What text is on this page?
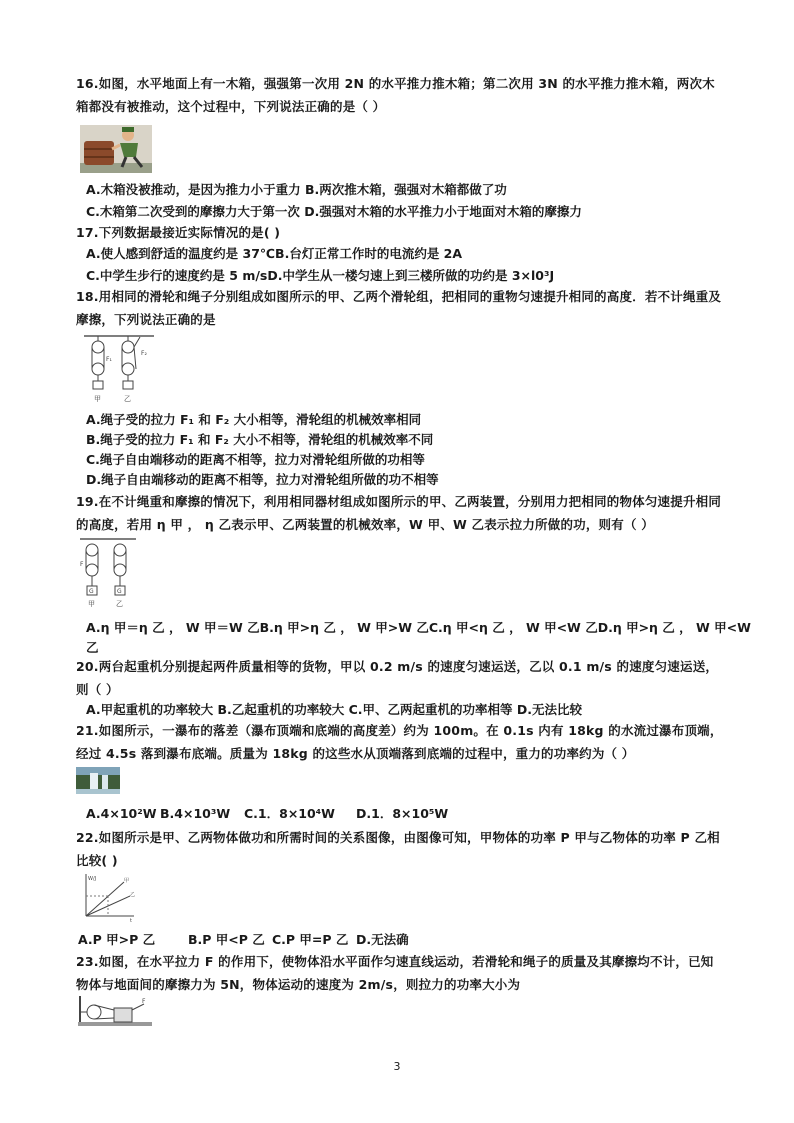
16.如图，水平地面上有一木箱，强强第一次用 2N 的水平推力推木箱；第二次用 3N 的水平推力推木箱，两次木箱都没有被推动，这个过程中，下列说法正确的是（ ）

A.木箱没被推动，是因为推力小于重力 B.两次推木箱，强强对木箱都做了功
C.木箱第二次受到的摩擦力大于第一次 D.强强对木箱的水平推力小于地面对木箱的摩擦力

17.下列数据最接近实际情况的是( )

A.使人感到舒适的温度约是 37℃B.台灯正常工作时的电流约是 2A
C.中学生步行的速度约是 5 m/sD.中学生从一楼匀速上到三楼所做的功约是 3×l0³J

18.用相同的滑轮和绳子分别组成如图所示的甲、乙两个滑轮组，把相同的重物匀速提升相同的高度．若不计绳重及摩擦，下列说法正确的是

F₁
F₂
甲	乙
A.绳子受的拉力 F₁ 和 F₂ 大小相等，滑轮组的机械效率相同
B.绳子受的拉力 F₁ 和 F₂ 大小不相等，滑轮组的机械效率不同
C.绳子自由端移动的距离不相等，拉力对滑轮组所做的功相等
D.绳子自由端移动的距离不相等，拉力对滑轮组所做的功不相等

19.在不计绳重和摩擦的情况下，利用相同器材组成如图所示的甲、乙两装置，分别用力把相同的物体匀速提升相同的高度，若用 η 甲 ， η 乙表示甲、乙两装置的机械效率，W 甲、W 乙表示拉力所做的功，则有（ ）

G
F
G
甲	乙
A.η 甲＝η 乙 ， W 甲＝W 乙B.η 甲>η 乙 ， W 甲>W 乙C.η 甲<η 乙 ， W 甲<W 乙D.η 甲>η 乙 ， W 甲<W
乙

20.两台起重机分别提起两件质量相等的货物，甲以 0.2 m/s 的速度匀速运送，乙以 0.1 m/s 的速度匀速运送，则（ ）

A.甲起重机的功率较大 B.乙起重机的功率较大 C.甲、乙两起重机的功率相等 D.无法比较

21.如图所示，一瀑布的落差（瀑布顶端和底端的高度差）约为 100m。在 0.1s 内有 18kg 的水流过瀑布顶端，经过 4.5s 落到瀑布底端。质量为 18kg 的这些水从顶端落到底端的过程中，重力的功率约为（ ）

A.4×10²W B.4×10³W C.1．8×10⁴W D.1．8×10⁵W

22.如图所示是甲、乙两物体做功和所需时间的关系图像，由图像可知，甲物体的功率 P 甲与乙物体的功率 P 乙相比较( )

W/J
t
甲
乙
A.P 甲>P 乙	B.P 甲<P 乙 C.P 甲=P 乙 D.无法确

23.如图，在水平拉力 F 的作用下，使物体沿水平面作匀速直线运动，若滑轮和绳子的质量及其摩擦均不计，已知物体与地面间的摩擦力为 5N，物体运动的速度为 2m/s，则拉力的功率大小为

F
3
